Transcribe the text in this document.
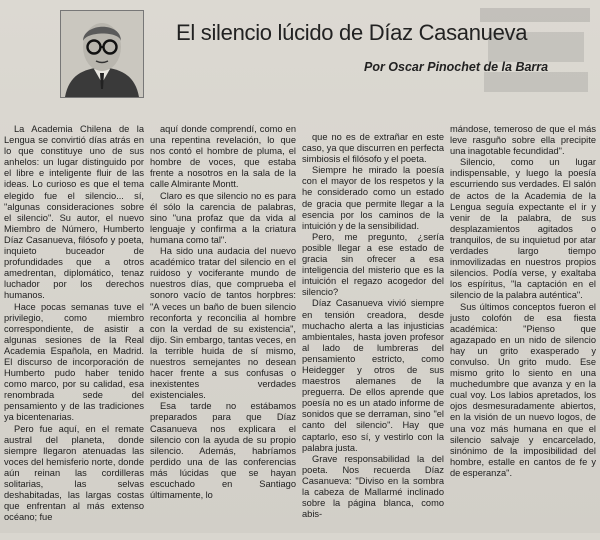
El silencio lúcido de Díaz Casanueva
Por Oscar Pinochet de la Barra

La Academia Chilena de la Lengua se convirtió días atrás en lo que constituye uno de sus anhelos: un lugar distinguido por el libre e inteligente fluir de las ideas. Lo curioso es que el tema elegido fue el silencio... sí, "algunas consideraciones sobre el silencio". Su autor, el nuevo Miembro de Número, Humberto Díaz Casanueva, filósofo y poeta, inquieto buceador de profundidades que a otros amedrentan, diplomático, tenaz luchador por los derechos humanos.

Hace pocas semanas tuve el privilegio, como miembro correspondiente, de asistir a algunas sesiones de la Real Academia Española, en Madrid. El discurso de incorporación de Humberto pudo haber tenido como marco, por su calidad, esa renombrada sede del pensamiento y de las tradiciones ya bicentenarias.

Pero fue aquí, en el remate austral del planeta, donde siempre llegaron atenuadas las voces del hemisferio norte, donde aún reinan las cordilleras solitarias, las selvas deshabitadas, las largas costas que enfrentan al más extenso océano; fue

aquí donde comprendí, como en una repentina revelación, lo que nos contó el hombre de pluma, el hombre de voces, que estaba frente a nosotros en la sala de la calle Almirante Montt.

Claro es que silencio no es para él sólo la carencia de palabras, sino "una profaz que da vida al lenguaje y confirma a la criatura humana como tal".

Ha sido una audacia del nuevo académico tratar del silencio en el ruidoso y vociferante mundo de nuestros días, que comprueba el sonoro vacío de tantos horpbres: "A veces un baño de buen silencio reconforta y reconcilia al hombre con la verdad de su existencia", dijo. Sin embargo, tantas veces, en la terrible huida de sí mismo, nuestros semejantes no desean hacer frente a sus confusas o inexistentes verdades existenciales.

Esa tarde no estábamos preparados para que Díaz Casanueva nos explicara el silencio con la ayuda de su propio silencio. Además, habríamos perdido una de las conferencias más lúcidas que se hayan escuchado en Santiago últimamente, lo

que no es de extrañar en este caso, ya que discurren en perfecta simbiosis el filósofo y el poeta.

Siempre he mirado la poesía con el mayor de los respetos y la he considerado como un estado de gracia que permite llegar a la esencia por los caminos de la intuición y de la sensibilidad.

Pero, me pregunto, ¿sería posible llegar a ese estado de gracia sin ofrecer a esa inteligencia del misterio que es la intuición el regazo acogedor del silencio?

Díaz Casanueva vivió siempre en tensión creadora, desde muchacho alerta a las injusticias ambientales, hasta joven profesor al lado de lumbreras del pensamiento estricto, como Heidegger y otros de sus maestros alemanes de la preguerra. De ellos aprende que poesía no es un atado informe de sonidos que se derraman, sino "el canto del silencio". Hay que captarlo, eso sí, y vestirlo con la palabra justa.

Grave responsabilidad la del poeta. Nos recuerda Díaz Casanueva: "Diviso en la sombra la cabeza de Mallarmé inclinado sobre la página blanca, como abis-

mándose, temeroso de que el más leve rasguño sobre ella precipite una inagotable fecundidad".

Silencio, como un lugar indispensable, y luego la poesía escurriendo sus verdades. El salón de actos de la Academia de la Lengua seguía expectante el ir y venir de la palabra, de sus desplazamientos agitados o tranquilos, de su inquietud por atar verdades largo tiempo inmovilizadas en nuestros propios silencios. Podía verse, y exaltaba los espíritus, "la captación en el silencio de la palabra auténtica".

Sus últimos conceptos fueron el justo colofón de esa fiesta académica: "Pienso que agazapado en un nido de silencio hay un grito exasperado y convulso. Un grito mudo. Ese mismo grito lo siento en una muchedumbre que avanza y en la cual voy. Los labios apretados, los ojos desmesuradamente abiertos, en la visión de un nuevo logos, de una voz más humana en que el silencio salvaje y encarcelado, sinónimo de la imposibilidad del hombre, estalle en cantos de fe y de esperanza".
